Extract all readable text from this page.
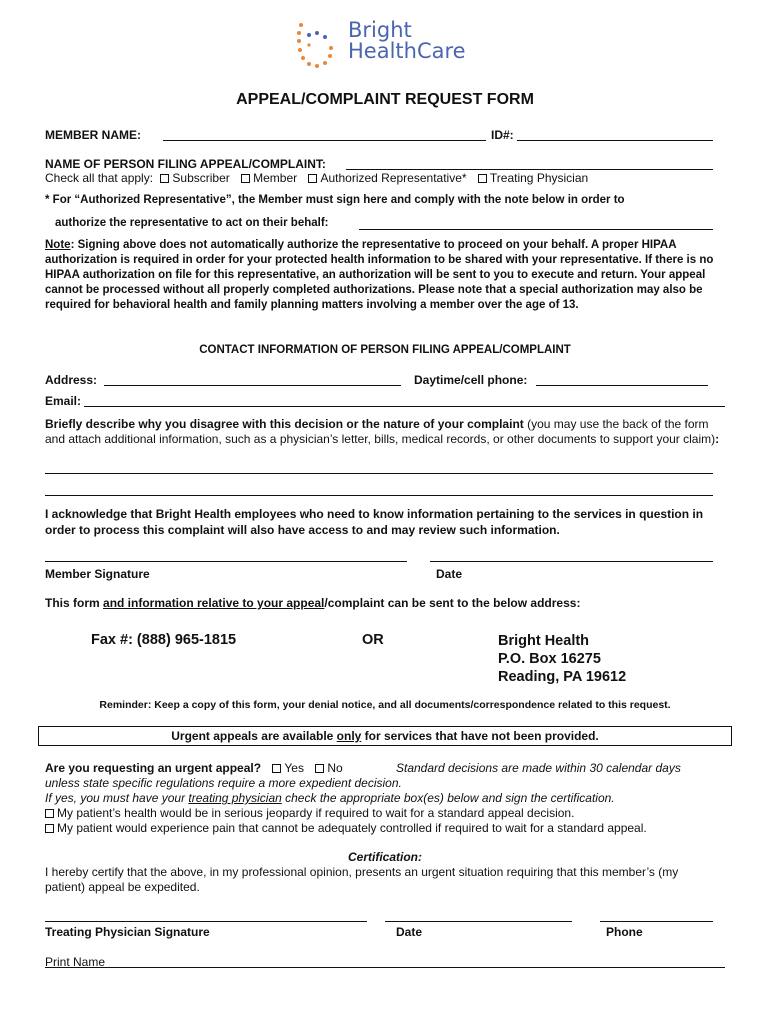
Bright
HealthCare
APPEAL/COMPLAINT REQUEST FORM
MEMBER NAME:	ID#:
NAME OF PERSON FILING APPEAL/COMPLAINT:
Check all that apply: Subscriber Member Authorized Representative* Treating Physician
* For “Authorized Representative”, the Member must sign here and comply with the note below in order to
authorize the representative to act on their behalf:
Note: Signing above does not automatically authorize the representative to proceed on your behalf. A proper HIPAA authorization is required in order for your protected health information to be shared with your representative. If there is no HIPAA authorization on file for this representative, an authorization will be sent to you to execute and return. Your appeal cannot be processed without all properly completed authorizations. Please note that a special authorization may also be required for behavioral health and family planning matters involving a member over the age of 13.
CONTACT INFORMATION OF PERSON FILING APPEAL/COMPLAINT
Address:	Daytime/cell phone:
Email:
Briefly describe why you disagree with this decision or the nature of your complaint (you may use the back of the form and attach additional information, such as a physician’s letter, bills, medical records, or other documents to support your claim):
I acknowledge that Bright Health employees who need to know information pertaining to the services in question in order to process this complaint will also have access to and may review such information.
Member Signature	Date
This form and information relative to your appeal/complaint can be sent to the below address:
Fax #: (888) 965-1815	OR	Bright Health
P.O. Box 16275
Reading, PA 19612
Reminder: Keep a copy of this form, your denial notice, and all documents/correspondence related to this request.
Urgent appeals are available only for services that have not been provided.
Are you requesting an urgent appeal? Yes No	Standard decisions are made within 30 calendar days
unless state specific regulations require a more expedient decision.
If yes, you must have your treating physician check the appropriate box(es) below and sign the certification.
My patient’s health would be in serious jeopardy if required to wait for a standard appeal decision.
My patient would experience pain that cannot be adequately controlled if required to wait for a standard appeal.
Certification:
I hereby certify that the above, in my professional opinion, presents an urgent situation requiring that this member’s (my patient) appeal be expedited.
Treating Physician Signature	Date	Phone
Print Name
